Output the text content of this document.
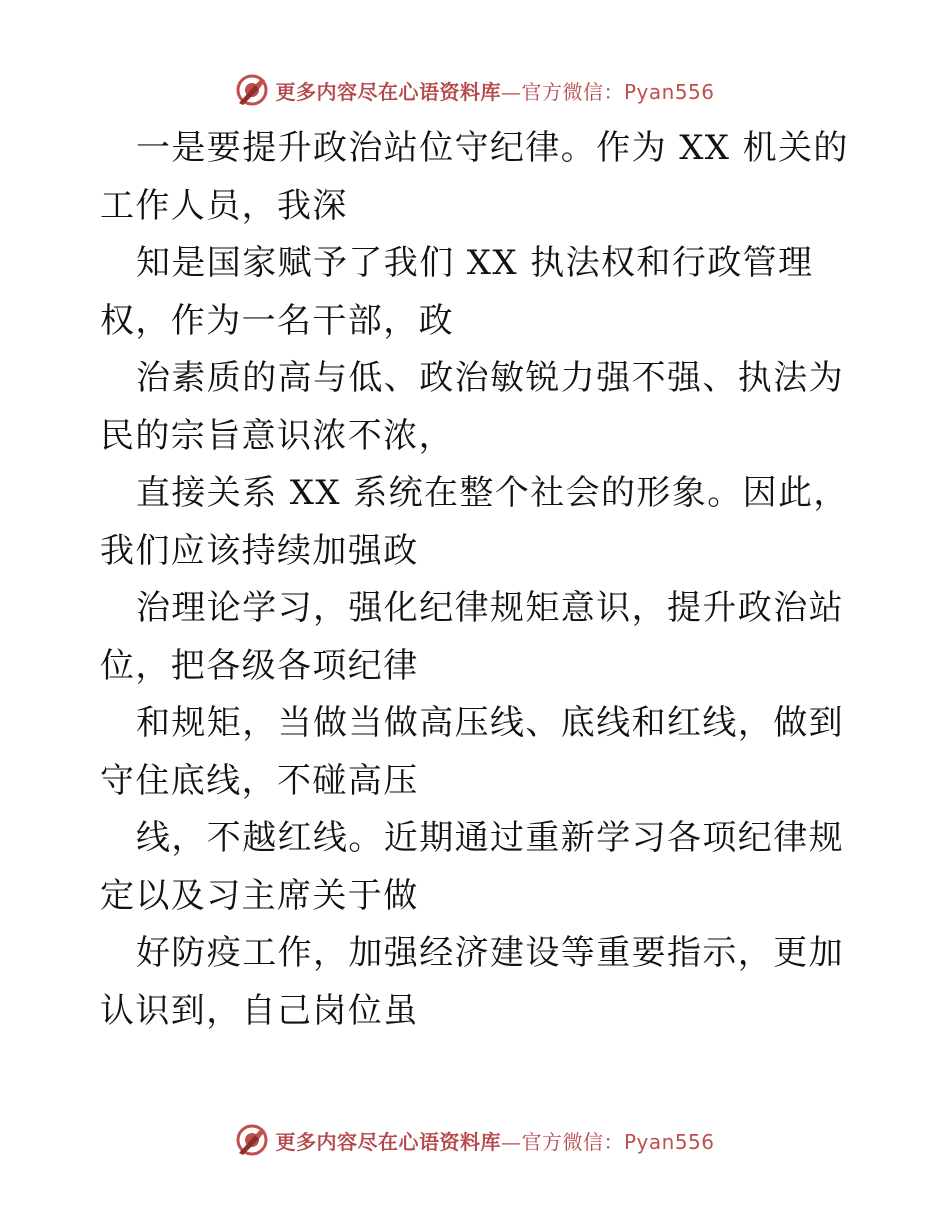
更多内容尽在心语资料库—官方微信：Pyan556

一是要提升政治站位守纪律。作为 XX 机关的工作人员，我深

知是国家赋予了我们 XX 执法权和行政管理权，作为一名干部，政

治素质的高与低、政治敏锐力强不强、执法为民的宗旨意识浓不浓，

直接关系 XX 系统在整个社会的形象。因此，我们应该持续加强政

治理论学习，强化纪律规矩意识，提升政治站位，把各级各项纪律

和规矩，当做当做高压线、底线和红线，做到守住底线，不碰高压

线，不越红线。近期通过重新学习各项纪律规定以及习主席关于做

好防疫工作，加强经济建设等重要指示，更加认识到，自己岗位虽

更多内容尽在心语资料库—官方微信：Pyan556
